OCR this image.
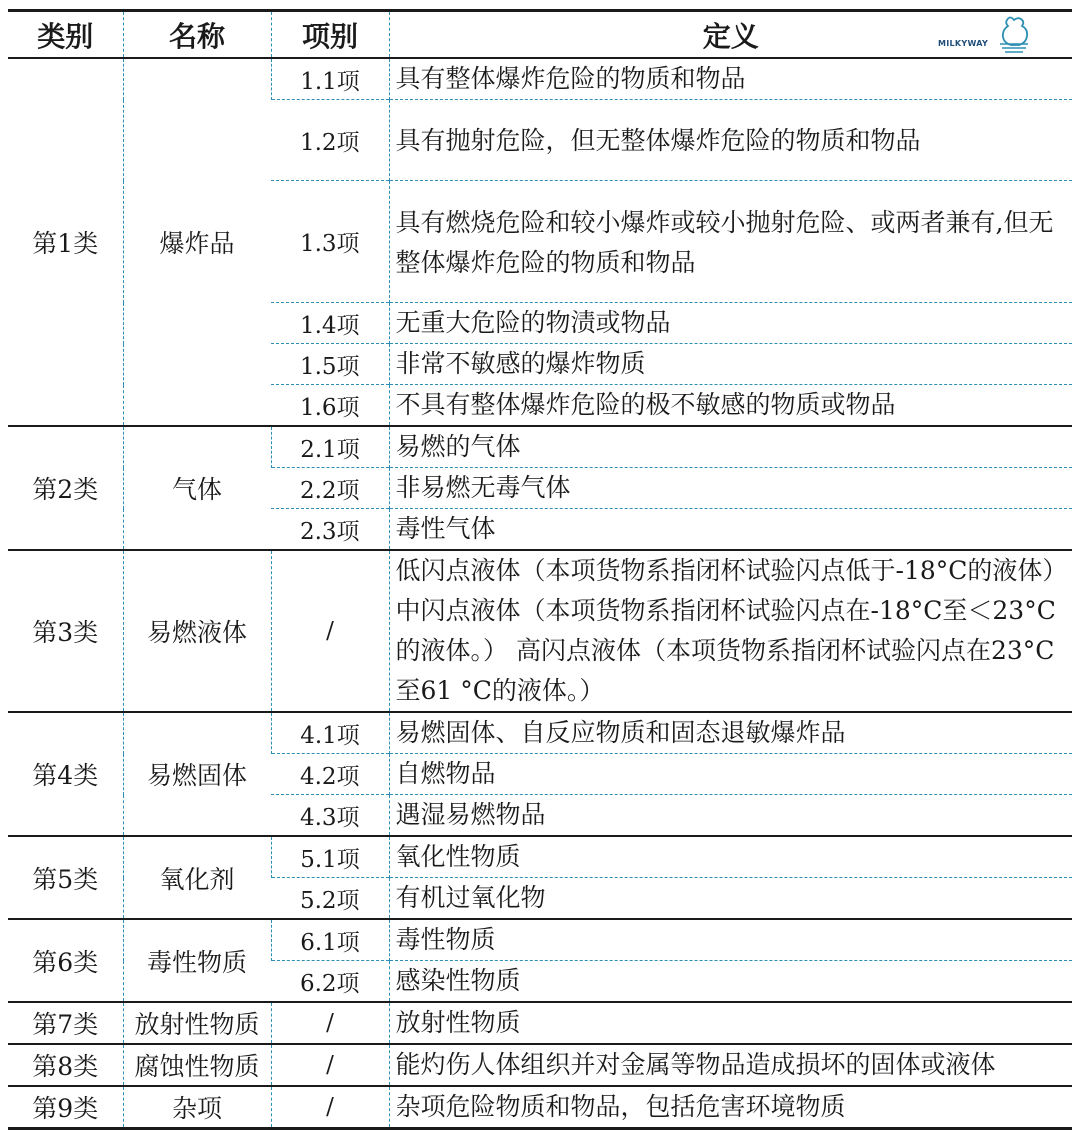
类别	名称	项别	定义 MILKYWAY

第1类	爆炸品	1.1项	具有整体爆炸危险的物质和物品
		1.2项	具有抛射危险，但无整体爆炸危险的物质和物品
		1.3项	具有燃烧危险和较小爆炸或较小抛射危险、或两者兼有,但无整体爆炸危险的物质和物品
		1.4项	无重大危险的物渍或物品
		1.5项	非常不敏感的爆炸物质
		1.6项	不具有整体爆炸危险的极不敏感的物质或物品
第2类	气体	2.1项	易燃的气体
		2.2项	非易燃无毒气体
		2.3项	毒性气体
第3类	易燃液体	/	低闪点液体（本项货物系指闭杯试验闪点低于-18°C的液体） 中闪点液体（本项货物系指闭杯试验闪点在-18°C至＜23°C的液体。） 高闪点液体（本项货物系指闭杯试验闪点在23°C至61 °C的液体。）
第4类	易燃固体	4.1项	易燃固体、自反应物质和固态退敏爆炸品
		4.2项	自燃物品
		4.3项	遇湿易燃物品
第5类	氧化剂	5.1项	氧化性物质
		5.2项	有机过氧化物
第6类	毒性物质	6.1项	毒性物质
		6.2项	感染性物质
第7类	放射性物质	/	放射性物质
第8类	腐蚀性物质	/	能灼伤人体组织并对金属等物品造成损坏的固体或液体
第9类	杂项	/	杂项危险物质和物品，包括危害环境物质
